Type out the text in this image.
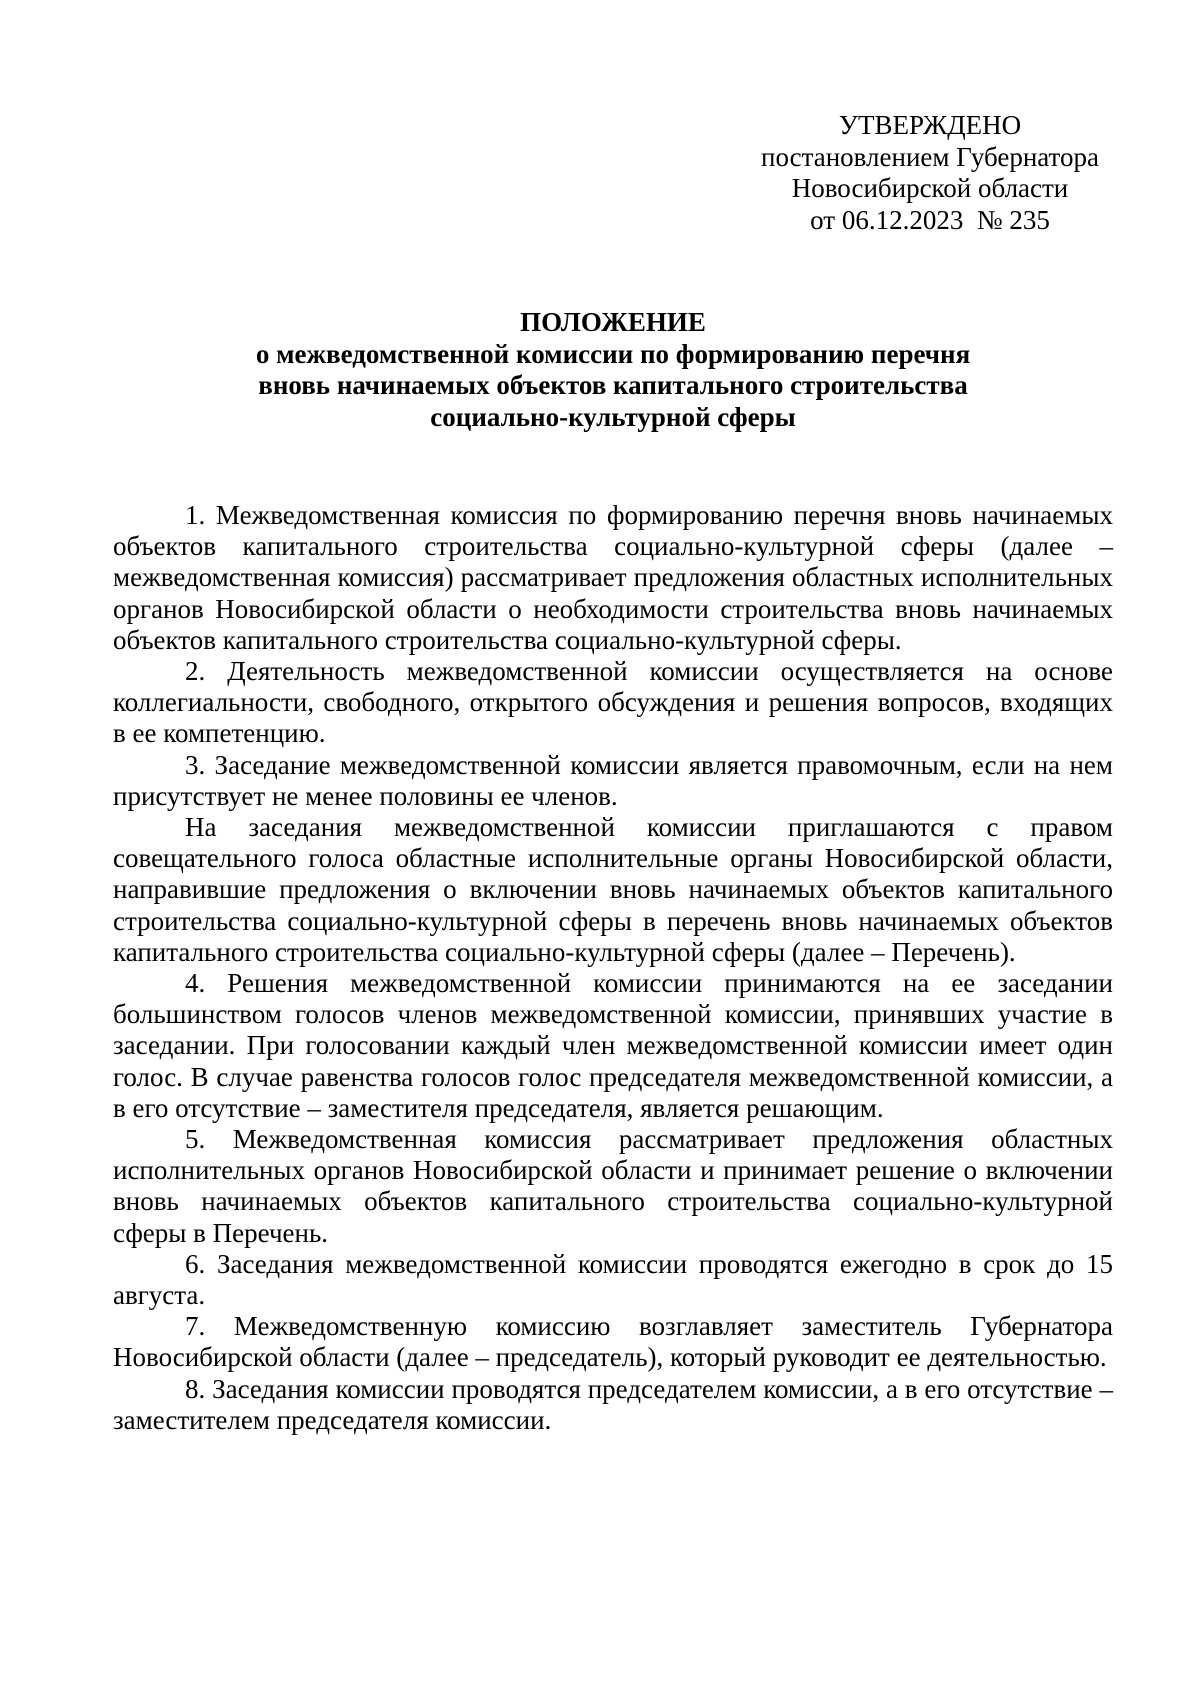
УТВЕРЖДЕНО
постановлением Губернатора
Новосибирской области
от 06.12.2023  № 235
ПОЛОЖЕНИЕ
о межведомственной комиссии по формированию перечня
вновь начинаемых объектов капитального строительства
социально-культурной сферы

1. Межведомственная комиссия по формированию перечня вновь начинаемых объектов капитального строительства социально-культурной сферы (далее – межведомственная комиссия) рассматривает предложения областных исполнительных органов Новосибирской области о необходимости строительства вновь начинаемых объектов капитального строительства социально-культурной сферы.

2. Деятельность межведомственной комиссии осуществляется на основе коллегиальности, свободного, открытого обсуждения и решения вопросов, входящих в ее компетенцию.

3. Заседание межведомственной комиссии является правомочным, если на нем присутствует не менее половины ее членов.

На заседания межведомственной комиссии приглашаются с правом совещательного голоса областные исполнительные органы Новосибирской области, направившие предложения о включении вновь начинаемых объектов капитального строительства социально-культурной сферы в перечень вновь начинаемых объектов капитального строительства социально-культурной сферы (далее – Перечень).

4. Решения межведомственной комиссии принимаются на ее заседании большинством голосов членов межведомственной комиссии, принявших участие в заседании. При голосовании каждый член межведомственной комиссии имеет один голос. В случае равенства голосов голос председателя межведомственной комиссии, а в его отсутствие – заместителя председателя, является решающим.

5. Межведомственная комиссия рассматривает предложения областных исполнительных органов Новосибирской области и принимает решение о включении вновь начинаемых объектов капитального строительства социально-культурной сферы в Перечень.

6. Заседания межведомственной комиссии проводятся ежегодно в срок до 15 августа.

7. Межведомственную комиссию возглавляет заместитель Губернатора Новосибирской области (далее – председатель), который руководит ее деятельностью.

8. Заседания комиссии проводятся председателем комиссии, а в его отсутствие – заместителем председателя комиссии.
